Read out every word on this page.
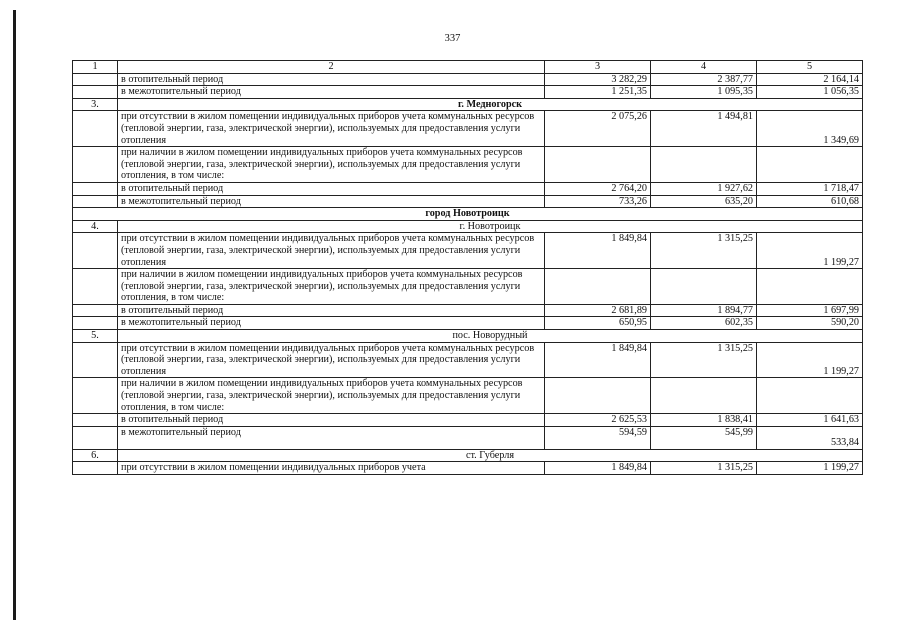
337
1	2	3	4	5
	в отопительный период	3 282,29	2 387,77	2 164,14
	в межотопительный период	1 251,35	1 095,35	1 056,35
3.	г. Медногорск			
	при отсутствии в жилом помещении индивидуальных приборов учета коммунальных ресурсов (тепловой энергии, газа, электрической энергии), используемых для предоставления услуги отопления	2 075,26	1 494,81	1 349,69
	при наличии в жилом помещении индивидуальных приборов учета коммунальных ресурсов (тепловой энергии, газа, электрической энергии), используемых для предоставления услуги отопления, в том числе:			
	в отопительный период	2 764,20	1 927,62	1 718,47
	в межотопительный период	733,26	635,20	610,68
город Новотроицк				
4.	г. Новотроицк			
	при отсутствии в жилом помещении индивидуальных приборов учета коммунальных ресурсов (тепловой энергии, газа, электрической энергии), используемых для предоставления услуги отопления	1 849,84	1 315,25	1 199,27
	при наличии в жилом помещении индивидуальных приборов учета коммунальных ресурсов (тепловой энергии, газа, электрической энергии), используемых для предоставления услуги отопления, в том числе:			
	в отопительный период	2 681,89	1 894,77	1 697,99
	в межотопительный период	650,95	602,35	590,20
5.	пос. Новорудный			
	при отсутствии в жилом помещении индивидуальных приборов учета коммунальных ресурсов (тепловой энергии, газа, электрической энергии), используемых для предоставления услуги отопления	1 849,84	1 315,25	1 199,27
	при наличии в жилом помещении индивидуальных приборов учета коммунальных ресурсов (тепловой энергии, газа, электрической энергии), используемых для предоставления услуги отопления, в том числе:			
	в отопительный период	2 625,53	1 838,41	1 641,63
	в межотопительный период	594,59	545,99	533,84
6.	ст. Губерля			
	при отсутствии в жилом помещении индивидуальных приборов учета	1 849,84	1 315,25	1 199,27
